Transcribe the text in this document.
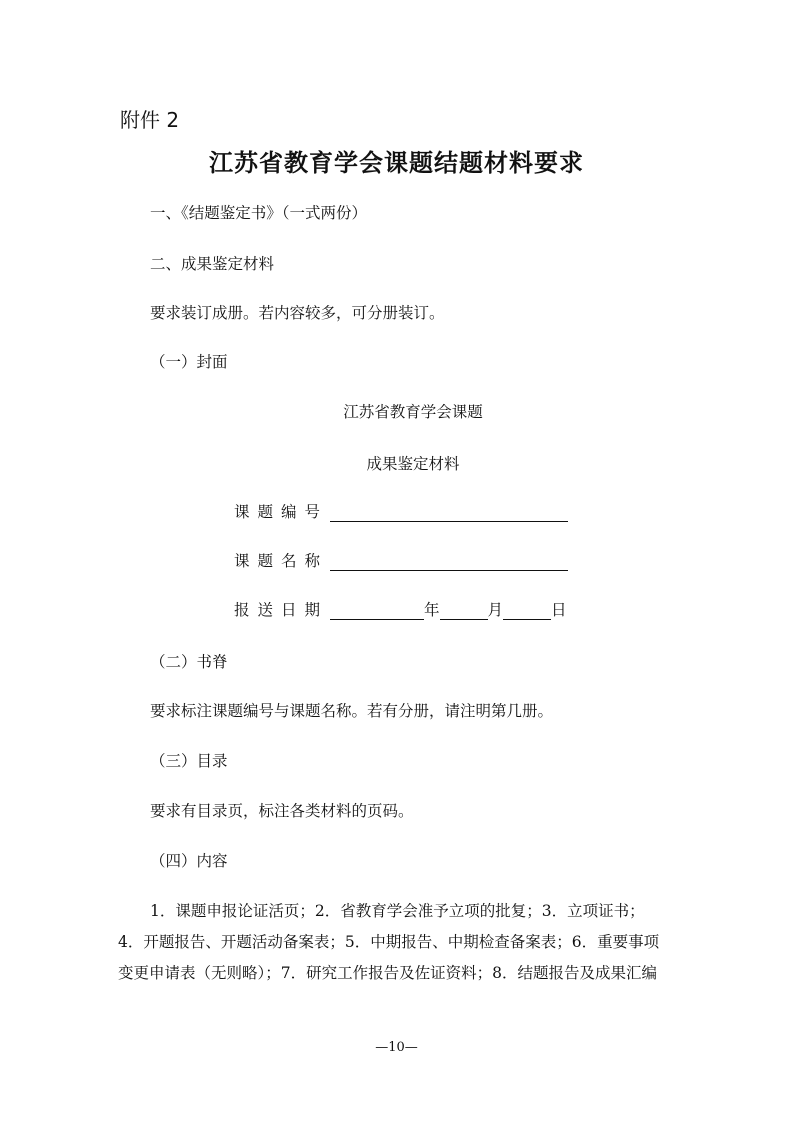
附件 2
江苏省教育学会课题结题材料要求
一、《结题鉴定书》（一式两份）
二、成果鉴定材料
要求装订成册。若内容较多，可分册装订。
（一）封面
江苏省教育学会课题
成果鉴定材料
课题编号
课题名称
报送日期	年	月	日
（二）书脊
要求标注课题编号与课题名称。若有分册，请注明第几册。
（三）目录
要求有目录页，标注各类材料的页码。
（四）内容
1．课题申报论证活页；2．省教育学会准予立项的批复；3．立项证书；
4．开题报告、开题活动备案表；5．中期报告、中期检查备案表；6．重要事项
变更申请表（无则略）；7．研究工作报告及佐证资料；8．结题报告及成果汇编
—10—
